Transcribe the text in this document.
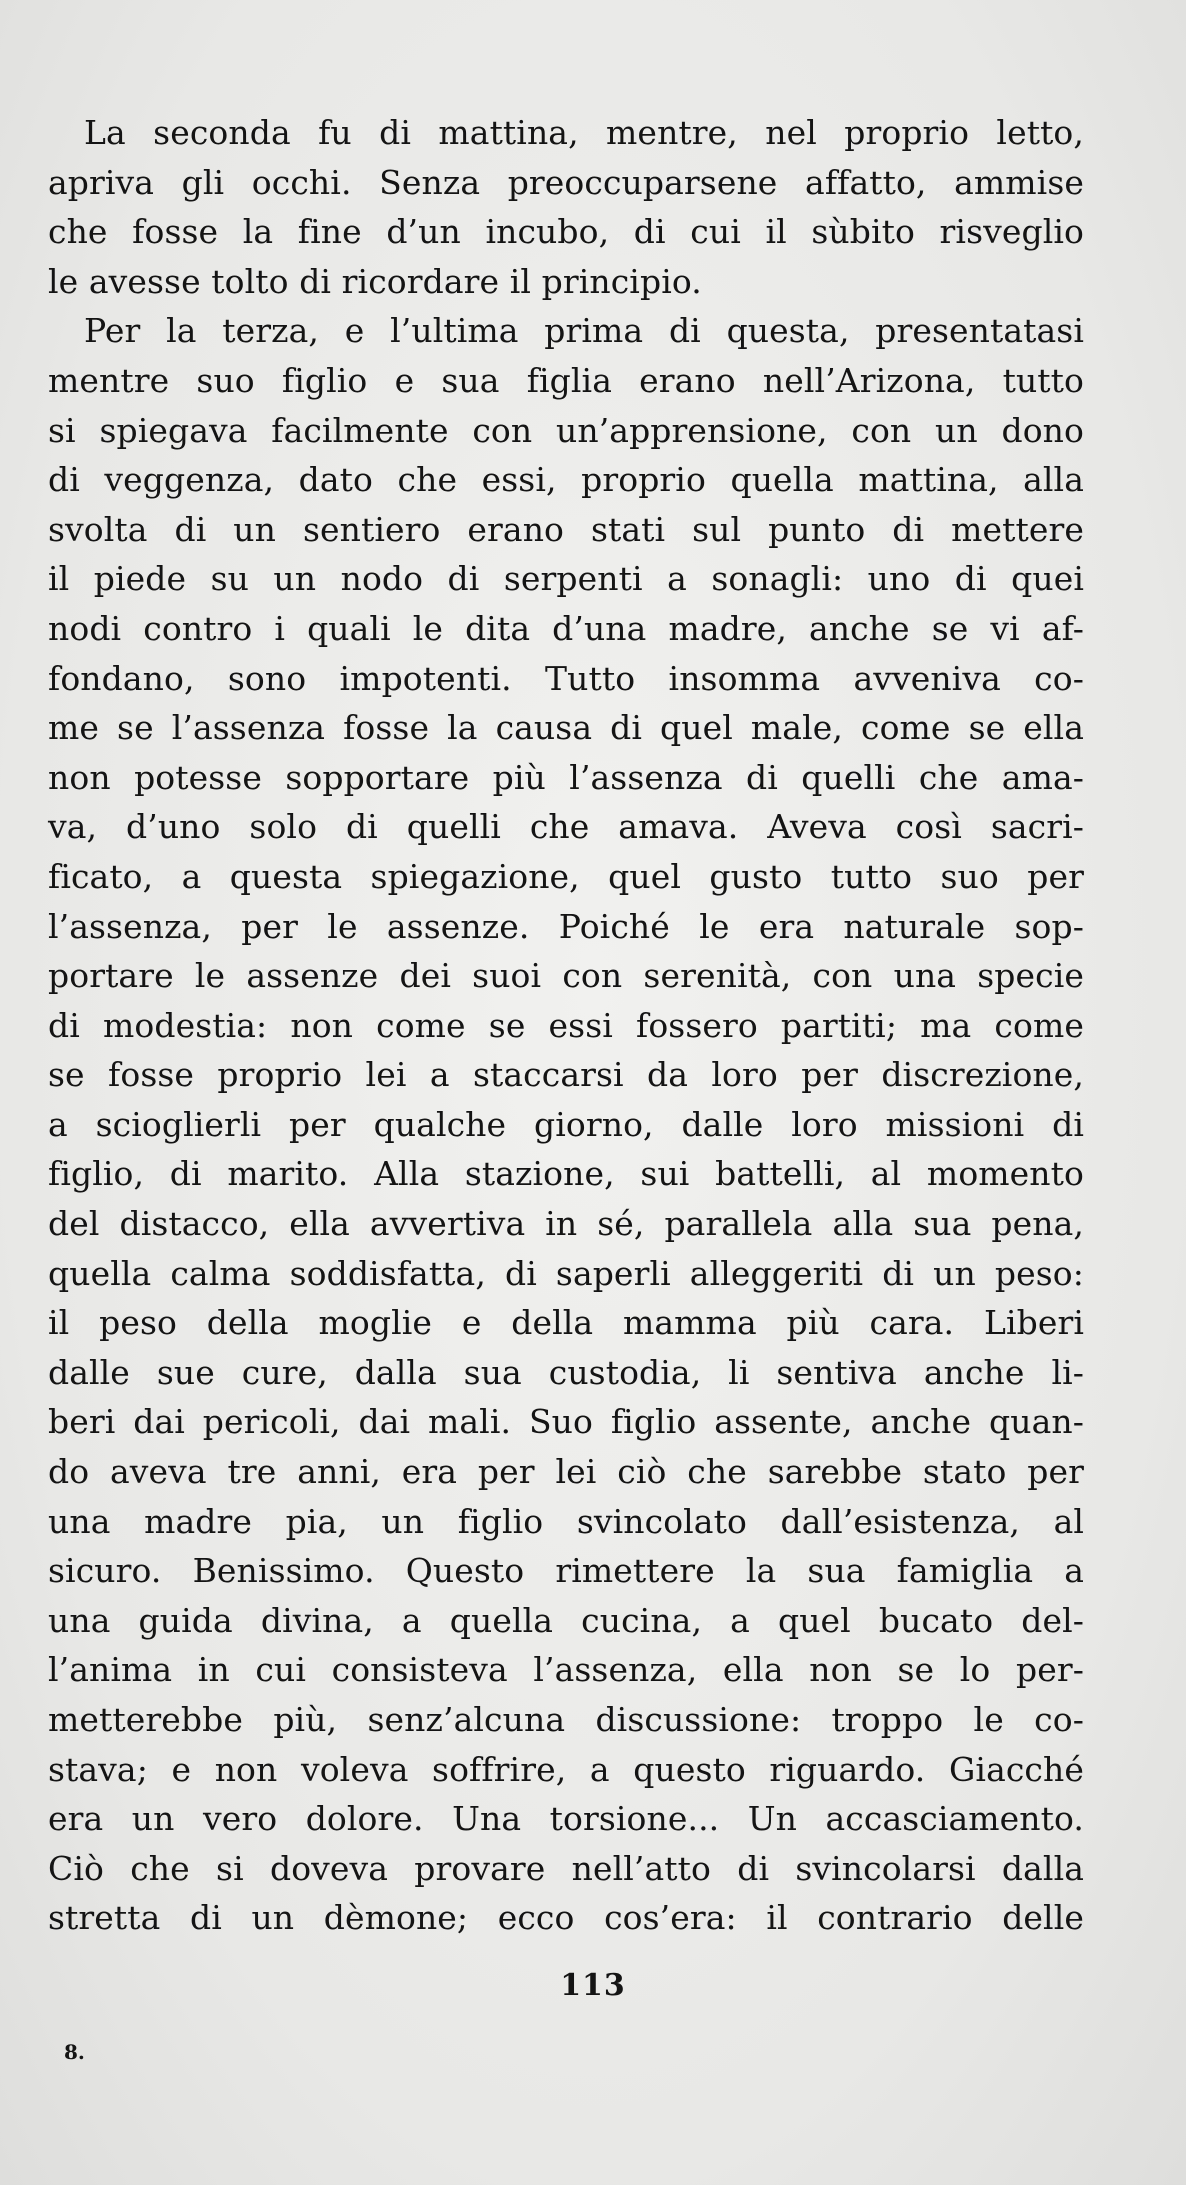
La seconda fu di mattina, mentre, nel proprio letto,
apriva gli occhi. Senza preoccuparsene affatto, ammise
che fosse la fine d’un incubo, di cui il sùbito risveglio
le avesse tolto di ricordare il principio.
Per la terza, e l’ultima prima di questa, presentatasi
mentre suo figlio e sua figlia erano nell’Arizona, tutto
si spiegava facilmente con un’apprensione, con un dono
di veggenza, dato che essi, proprio quella mattina, alla
svolta di un sentiero erano stati sul punto di mettere
il piede su un nodo di serpenti a sonagli: uno di quei
nodi contro i quali le dita d’una madre, anche se vi af-
fondano, sono impotenti. Tutto insomma avveniva co-
me se l’assenza fosse la causa di quel male, come se ella
non potesse sopportare più l’assenza di quelli che ama-
va, d’uno solo di quelli che amava. Aveva così sacri-
ficato, a questa spiegazione, quel gusto tutto suo per
l’assenza, per le assenze. Poiché le era naturale sop-
portare le assenze dei suoi con serenità, con una specie
di modestia: non come se essi fossero partiti; ma come
se fosse proprio lei a staccarsi da loro per discrezione,
a scioglierli per qualche giorno, dalle loro missioni di
figlio, di marito. Alla stazione, sui battelli, al momento
del distacco, ella avvertiva in sé, parallela alla sua pena,
quella calma soddisfatta, di saperli alleggeriti di un peso:
il peso della moglie e della mamma più cara. Liberi
dalle sue cure, dalla sua custodia, li sentiva anche li-
beri dai pericoli, dai mali. Suo figlio assente, anche quan-
do aveva tre anni, era per lei ciò che sarebbe stato per
una madre pia, un figlio svincolato dall’esistenza, al
sicuro. Benissimo. Questo rimettere la sua famiglia a
una guida divina, a quella cucina, a quel bucato del-
l’anima in cui consisteva l’assenza, ella non se lo per-
metterebbe più, senz’alcuna discussione: troppo le co-
stava; e non voleva soffrire, a questo riguardo. Giacché
era un vero dolore. Una torsione... Un accasciamento.
Ciò che si doveva provare nell’atto di svincolarsi dalla
stretta di un dèmone; ecco cos’era: il contrario delle
113
8.
